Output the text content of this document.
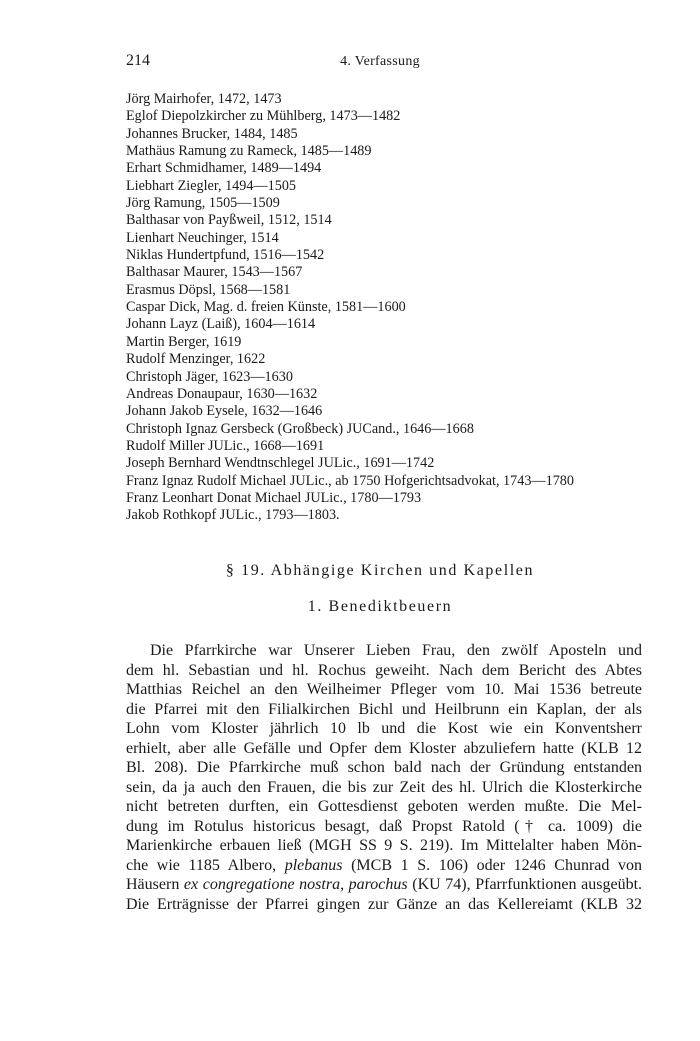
214	4. Verfassung
Jörg Mairhofer, 1472, 1473
Eglof Diepolzkircher zu Mühlberg, 1473—1482
Johannes Brucker, 1484, 1485
Mathäus Ramung zu Rameck, 1485—1489
Erhart Schmidhamer, 1489—1494
Liebhart Ziegler, 1494—1505
Jörg Ramung, 1505—1509
Balthasar von Payßweil, 1512, 1514
Lienhart Neuchinger, 1514
Niklas Hundertpfund, 1516—1542
Balthasar Maurer, 1543—1567
Erasmus Döpsl, 1568—1581
Caspar Dick, Mag. d. freien Künste, 1581—1600
Johann Layz (Laiß), 1604—1614
Martin Berger, 1619
Rudolf Menzinger, 1622
Christoph Jäger, 1623—1630
Andreas Donaupaur, 1630—1632
Johann Jakob Eysele, 1632—1646
Christoph Ignaz Gersbeck (Großbeck) JUCand., 1646—1668
Rudolf Miller JULic., 1668—1691
Joseph Bernhard Wendtnschlegel JULic., 1691—1742
Franz Ignaz Rudolf Michael JULic., ab 1750 Hofgerichtsadvokat, 1743—1780
Franz Leonhart Donat Michael JULic., 1780—1793
Jakob Rothkopf JULic., 1793—1803.
§ 19. Abhängige Kirchen und Kapellen
1. Benediktbeuern
Die Pfarrkirche war Unserer Lieben Frau, den zwölf Aposteln und
dem hl. Sebastian und hl. Rochus geweiht. Nach dem Bericht des Abtes
Matthias Reichel an den Weilheimer Pfleger vom 10. Mai 1536 betreute
die Pfarrei mit den Filialkirchen Bichl und Heilbrunn ein Kaplan, der als
Lohn vom Kloster jährlich 10 lb und die Kost wie ein Konventsherr
erhielt, aber alle Gefälle und Opfer dem Kloster abzuliefern hatte (KLB 12
Bl. 208). Die Pfarrkirche muß schon bald nach der Gründung entstanden
sein, da ja auch den Frauen, die bis zur Zeit des hl. Ulrich die Klosterkirche
nicht betreten durften, ein Gottesdienst geboten werden mußte. Die Mel-
dung im Rotulus historicus besagt, daß Propst Ratold († ca. 1009) die
Marienkirche erbauen ließ (MGH SS 9 S. 219). Im Mittelalter haben Mön-
che wie 1185 Albero, plebanus (MCB 1 S. 106) oder 1246 Chunrad von
Häusern ex congregatione nostra, parochus (KU 74), Pfarrfunktionen ausgeübt.
Die Erträgnisse der Pfarrei gingen zur Gänze an das Kellereiamt (KLB 32
